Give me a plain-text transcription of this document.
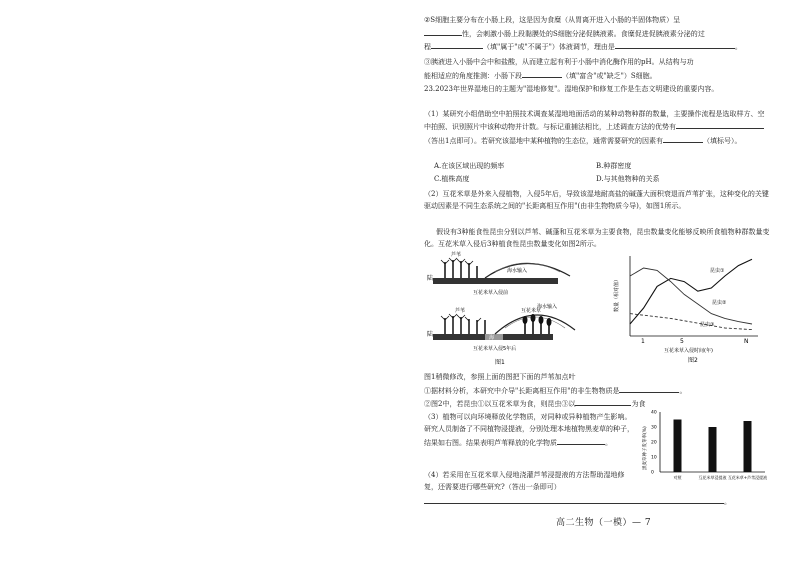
②S细胞主要分布在小肠上段，这是因为食糜（从胃离开进入小肠的半固体物质）呈
性，会刺激小肠上段黏膜处的S细胞分泌促胰液素。食糜促进促胰液素分泌的过
程	（填"属于"或"不属于"）体液调节，理由是	。
③胰液进入小肠中会中和盐酸，从而建立起有利于小肠中消化酶作用的pH。从结构与功
能相适应的角度推测：小肠下段	（填"富含"或"缺乏"）S细胞。
23.2023年世界湿地日的主题为"湿地修复"。湿地保护和修复工作是生态文明建设的重要内容。
（1）某研究小组借助空中拍照技术调查某湿地地面活动的某种动物种群的数量，主要操作流程是选取样方、空中拍照、识别照片中该种动物并计数。与标记重捕法相比，上述调查方法的优势有（答出1点即可）。若研究该湿地中某种植物的生态位，通常需要研究的因素有	（填标号）。
A.在该区域出现的频率	B.种群密度
C.植株高度	D.与其他物种的关系
（2）互花米草是外来入侵植物，入侵5年后，导致该湿地耐高盐的碱蓬大面积衰退而芦苇扩张，这种变化的关键驱动因素是不同生态系统之间的"长距离相互作用"(由非生物物质今导)，如图1所示。
假设有3种能食性昆虫分别以芦苇、碱蓬和互花米草为主要食物，昆虫数量变化能够反映所食植物种群数量变化。互花米草入侵后3种植食性昆虫数量变化如图2所示。
陆
芦苇
海水输入
互花米草入侵前
陆
芦苇	互花米草
海水输入
海
互花米草入侵5年后
图1
数量（相对值）
互花米草入侵时间(年)
1	5	N
昆虫①
昆虫②
昆虫③
图2
图1稍微修改，参照上面的图把下面的芦苇加点叶
①据材料分析，本研究中介导"长距离相互作用"的非生物物质是	。
②图2中，若昆虫①以互花米草为食，则昆虫③以	为食
（3）植物可以向环境释放化学物质，对同种或异种植物产生影响。研究人员制备了不同植物浸提液，分别处理本地植物黑麦草的种子，结果如右图。结果表明芦苇释放的化学物质	。	黑麦草种子发芽率(%)
0
10
20
30
40
对照	互花米草浸提液 互花米草+芦苇浸提液
（4）若采用在互花米草入侵地浇灌芦苇浸提液的方法帮助湿地修复，还需要进行哪些研究?（答出一条即可）
。
高二生物（一模）— 7
